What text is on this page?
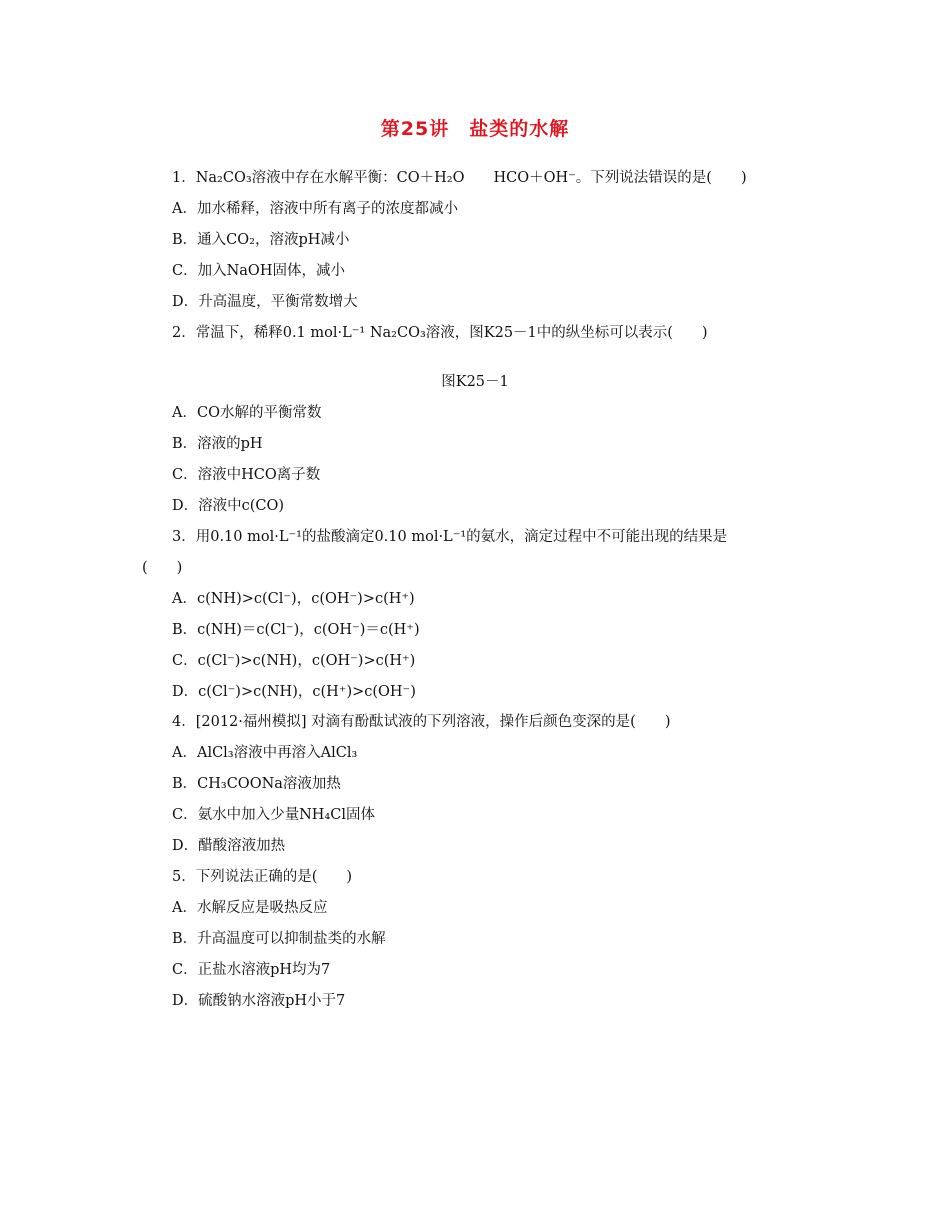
第25讲　盐类的水解
1．Na₂CO₃溶液中存在水解平衡：CO＋H₂O　　HCO＋OH⁻。下列说法错误的是(　　)
A．加水稀释，溶液中所有离子的浓度都减小
B．通入CO₂，溶液pH减小
C．加入NaOH固体，减小
D．升高温度，平衡常数增大
2．常温下，稀释0.1 mol·L⁻¹ Na₂CO₃溶液，图K25－1中的纵坐标可以表示(　　)
图K25－1
A．CO水解的平衡常数
B．溶液的pH
C．溶液中HCO离子数
D．溶液中c(CO)
3．用0.10 mol·L⁻¹的盐酸滴定0.10 mol·L⁻¹的氨水，滴定过程中不可能出现的结果是
(　　)
A．c(NH)>c(Cl⁻)，c(OH⁻)>c(H⁺)
B．c(NH)＝c(Cl⁻)，c(OH⁻)＝c(H⁺)
C．c(Cl⁻)>c(NH)，c(OH⁻)>c(H⁺)
D．c(Cl⁻)>c(NH)，c(H⁺)>c(OH⁻)
4．[2012·福州模拟] 对滴有酚酞试液的下列溶液，操作后颜色变深的是(　　)
A．AlCl₃溶液中再溶入AlCl₃
B．CH₃COONa溶液加热
C．氨水中加入少量NH₄Cl固体
D．醋酸溶液加热
5．下列说法正确的是(　　)
A．水解反应是吸热反应
B．升高温度可以抑制盐类的水解
C．正盐水溶液pH均为7
D．硫酸钠水溶液pH小于7
